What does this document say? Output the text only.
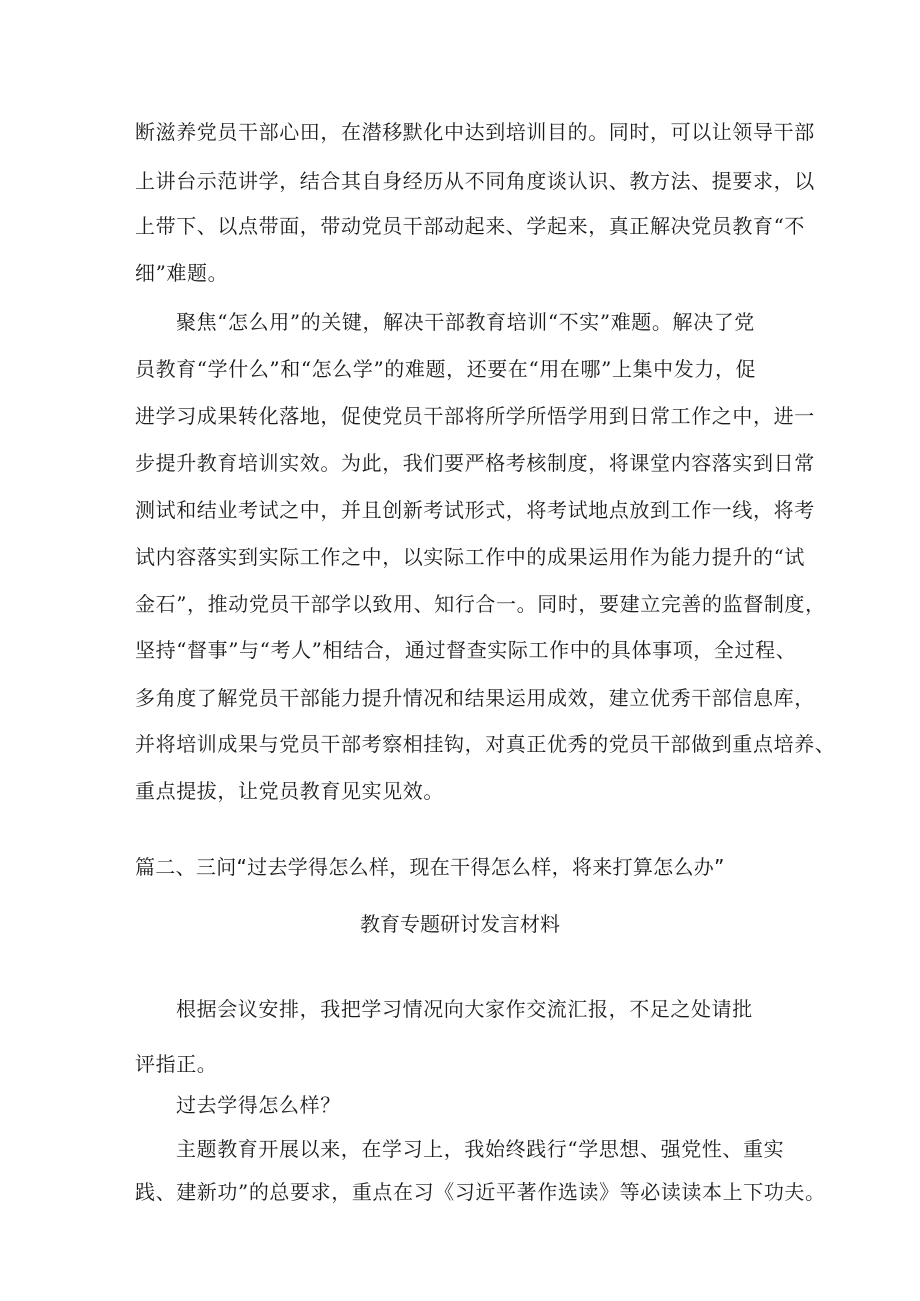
断滋养党员干部心田，在潜移默化中达到培训目的。同时，可以让领导干部
上讲台示范讲学，结合其自身经历从不同角度谈认识、教方法、提要求，以
上带下、以点带面，带动党员干部动起来、学起来，真正解决党员教育“不
细”难题。
聚焦“怎么用”的关键，解决干部教育培训“不实”难题。解决了党
员教育“学什么”和“怎么学”的难题，还要在“用在哪”上集中发力，促
进学习成果转化落地，促使党员干部将所学所悟学用到日常工作之中，进一
步提升教育培训实效。为此，我们要严格考核制度，将课堂内容落实到日常
测试和结业考试之中，并且创新考试形式，将考试地点放到工作一线，将考
试内容落实到实际工作之中，以实际工作中的成果运用作为能力提升的“试
金石”，推动党员干部学以致用、知行合一。同时，要建立完善的监督制度，
坚持“督事”与“考人”相结合，通过督查实际工作中的具体事项，全过程、
多角度了解党员干部能力提升情况和结果运用成效，建立优秀干部信息库，
并将培训成果与党员干部考察相挂钩，对真正优秀的党员干部做到重点培养、
重点提拔，让党员教育见实见效。
篇二、三问“过去学得怎么样，现在干得怎么样，将来打算怎么办”
教育专题研讨发言材料
根据会议安排，我把学习情况向大家作交流汇报，不足之处请批
评指正。
过去学得怎么样？
主题教育开展以来，在学习上，我始终践行“学思想、强党性、重实
践、建新功”的总要求，重点在习《习近平著作选读》等必读读本上下功夫。
